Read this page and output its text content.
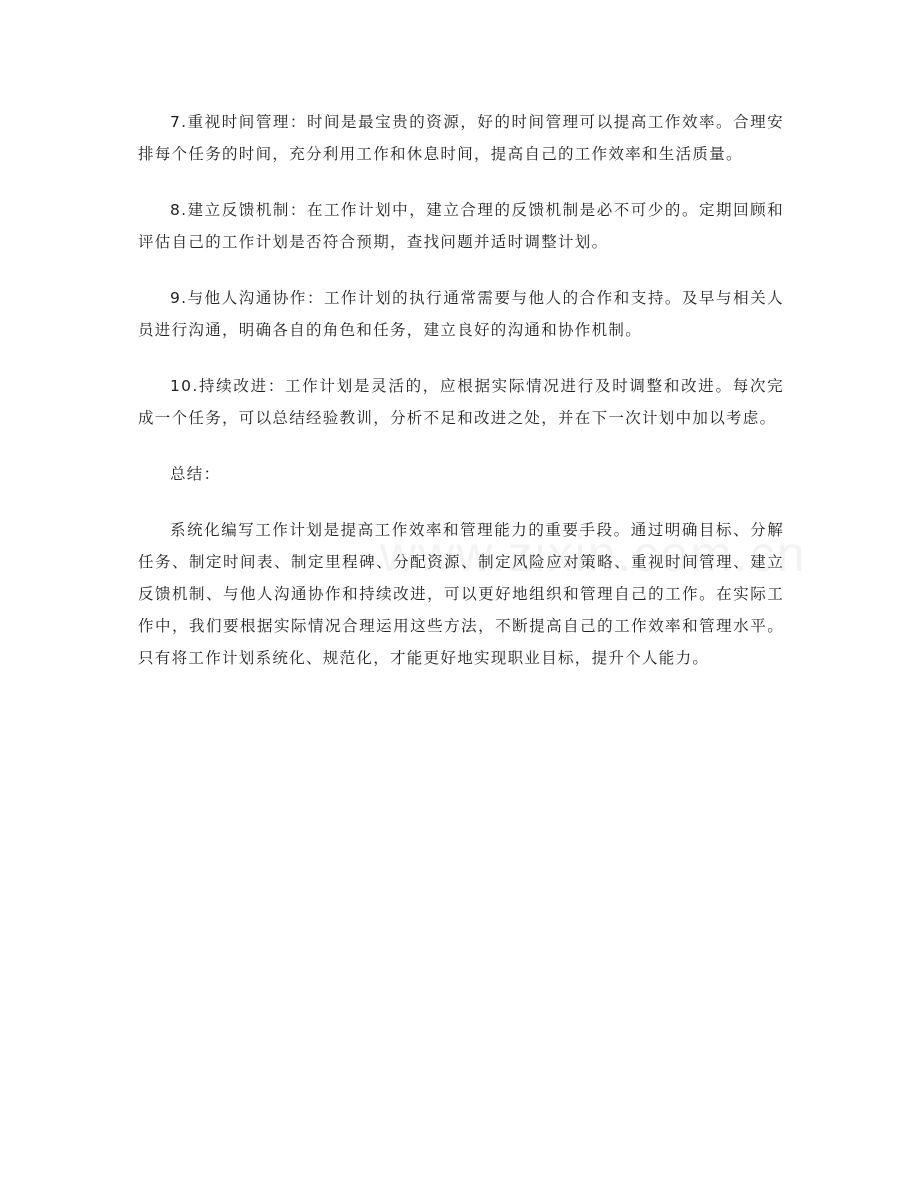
7.重视时间管理：时间是最宝贵的资源，好的时间管理可以提高工作效率。合理安排每个任务的时间，充分利用工作和休息时间，提高自己的工作效率和生活质量。

8.建立反馈机制：在工作计划中，建立合理的反馈机制是必不可少的。定期回顾和评估自己的工作计划是否符合预期，查找问题并适时调整计划。

9.与他人沟通协作：工作计划的执行通常需要与他人的合作和支持。及早与相关人员进行沟通，明确各自的角色和任务，建立良好的沟通和协作机制。

10.持续改进：工作计划是灵活的，应根据实际情况进行及时调整和改进。每次完成一个任务，可以总结经验教训，分析不足和改进之处，并在下一次计划中加以考虑。

总结：

系统化编写工作计划是提高工作效率和管理能力的重要手段。通过明确目标、分解任务、制定时间表、制定里程碑、分配资源、制定风险应对策略、重视时间管理、建立反馈机制、与他人沟通协作和持续改进，可以更好地组织和管理自己的工作。在实际工作中，我们要根据实际情况合理运用这些方法，不断提高自己的工作效率和管理水平。只有将工作计划系统化、规范化，才能更好地实现职业目标，提升个人能力。
